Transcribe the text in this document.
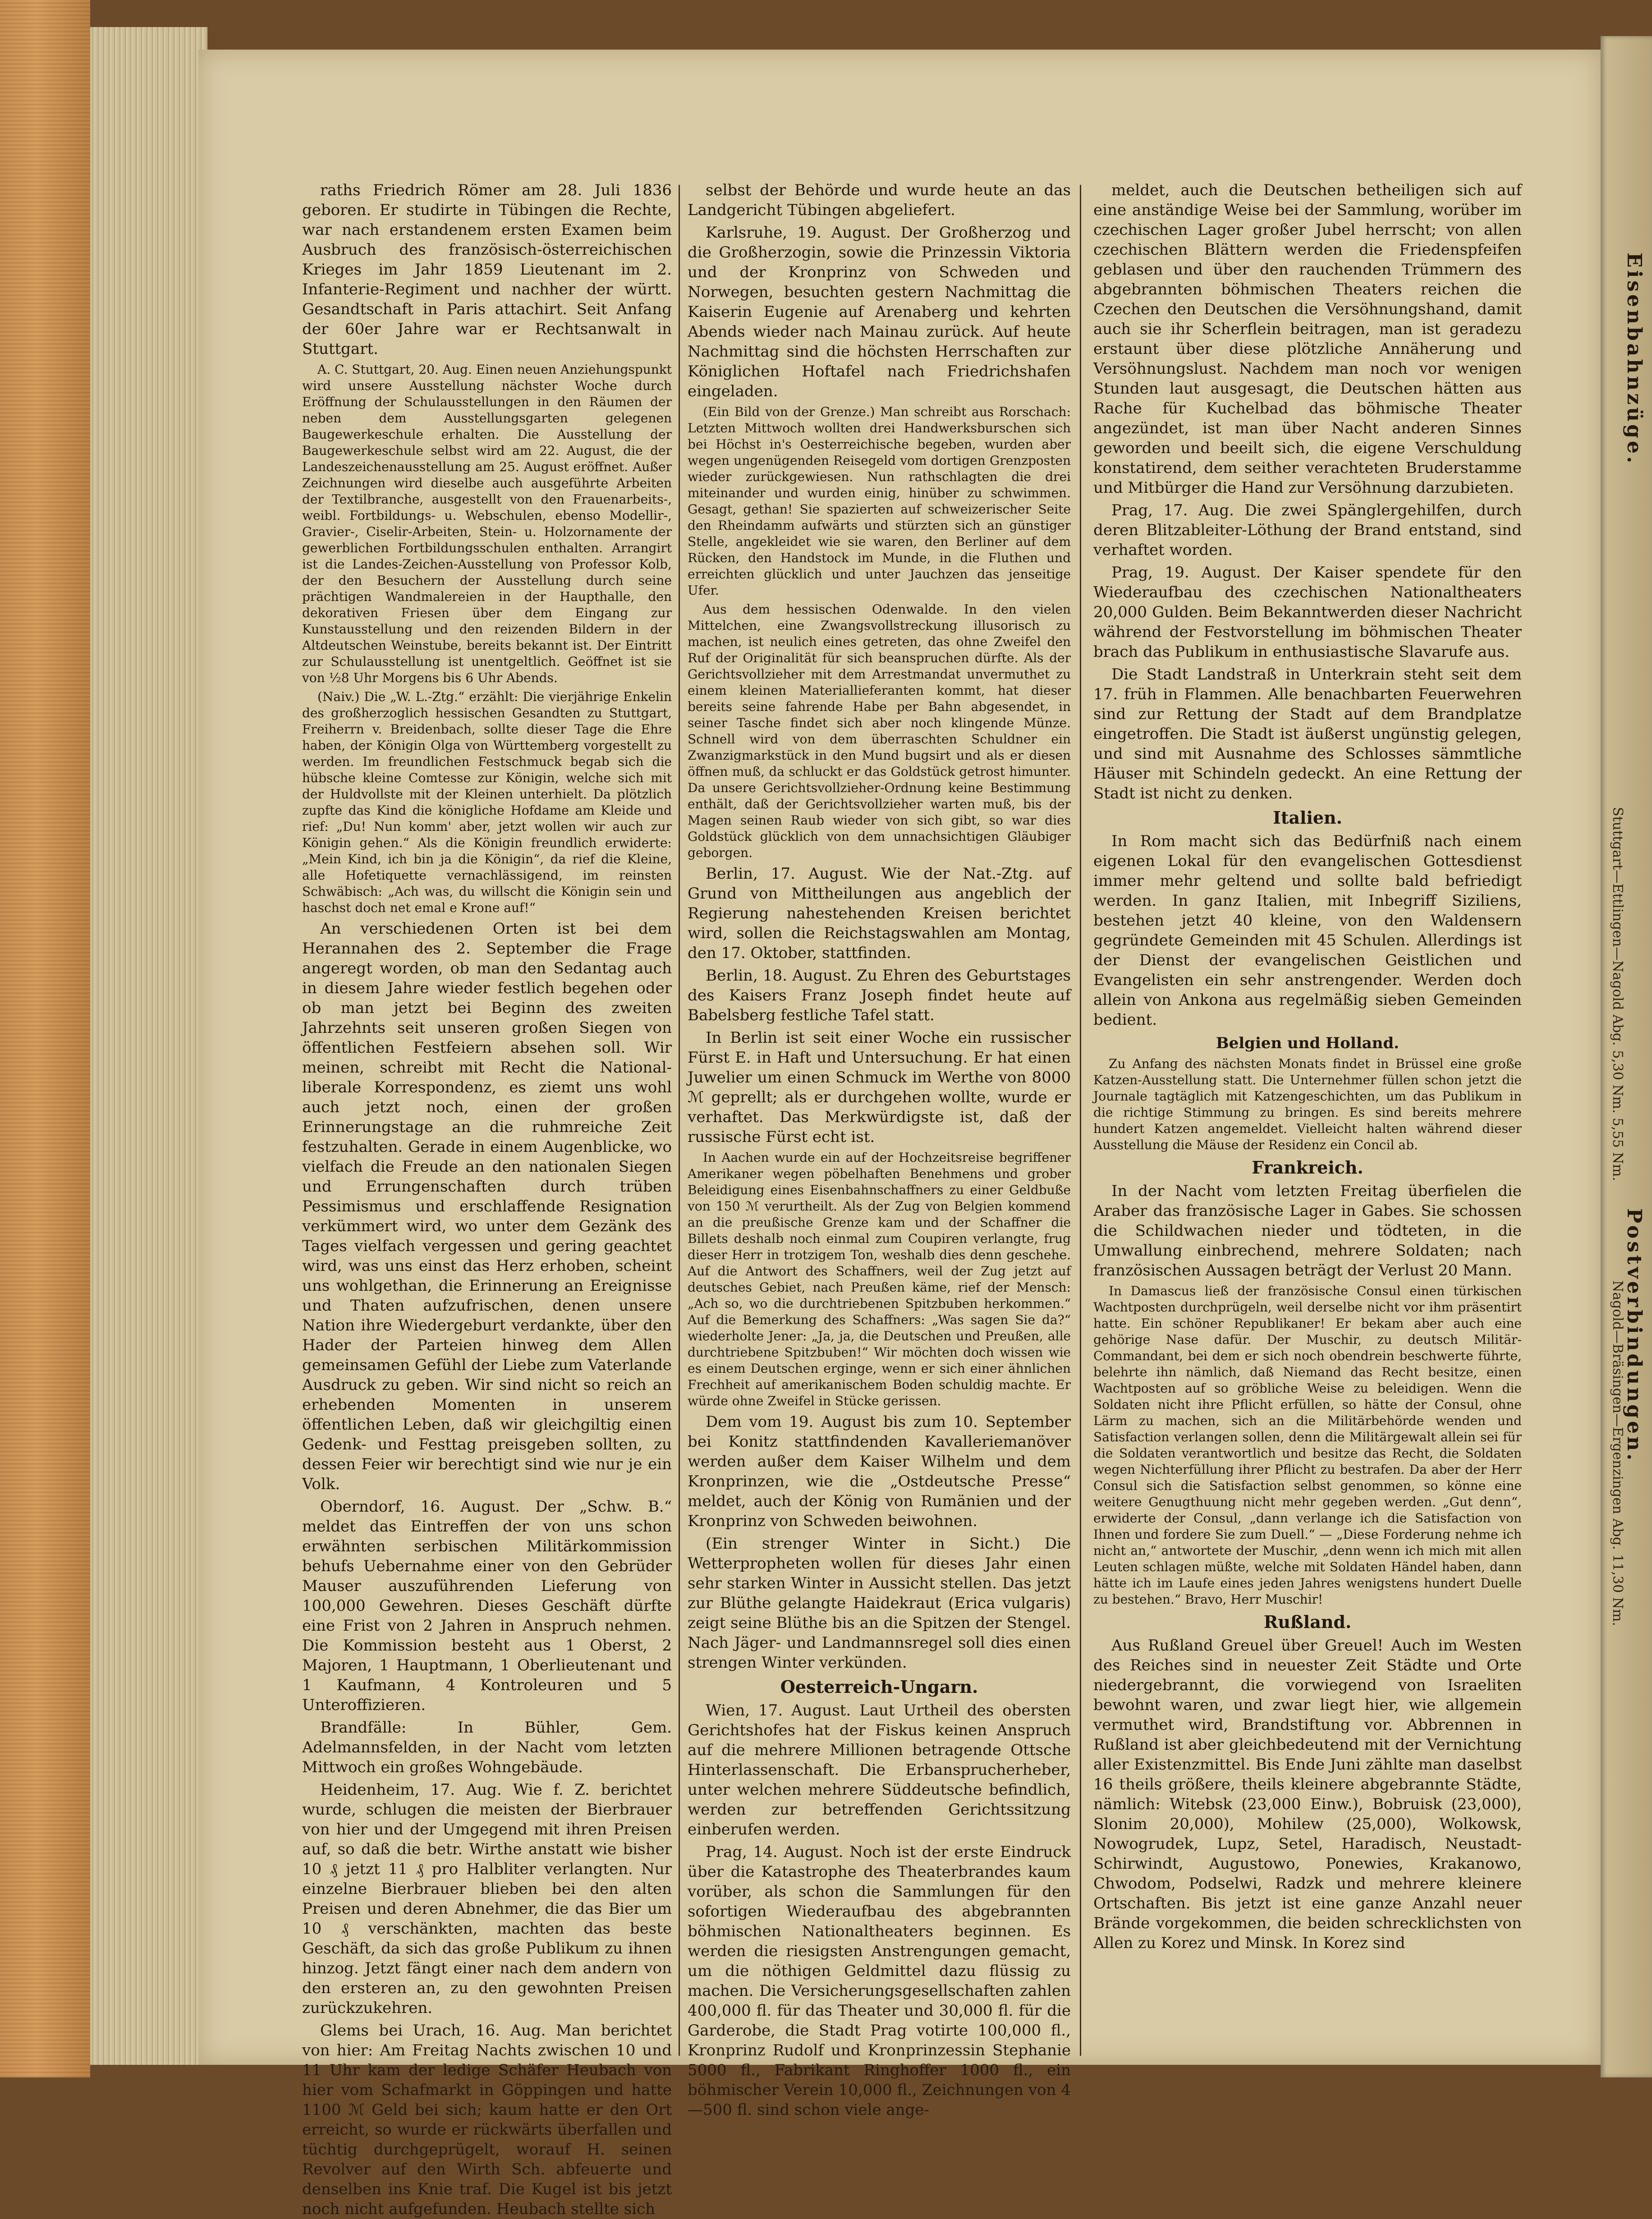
raths Friedrich Römer am 28. Juli 1836 geboren. Er studirte in Tübingen die Rechte, war nach erstandenem ersten Examen beim Ausbruch des französisch-österreichischen Krieges im Jahr 1859 Lieutenant im 2. Infanterie-Regiment und nachher der württ. Gesandtschaft in Paris attachirt. Seit Anfang der 60er Jahre war er Rechtsanwalt in Stuttgart.

A. C. Stuttgart, 20. Aug. Einen neuen Anziehungspunkt wird unsere Ausstellung nächster Woche durch Eröffnung der Schulausstellungen in den Räumen der neben dem Ausstellungsgarten gelegenen Baugewerkeschule erhalten. Die Ausstellung der Baugewerkeschule selbst wird am 22. August, die der Landeszeichenausstellung am 25. August eröffnet. Außer Zeichnungen wird dieselbe auch ausgeführte Arbeiten der Textilbranche, ausgestellt von den Frauenarbeits-, weibl. Fortbildungs- u. Webschulen, ebenso Modellir-, Gravier-, Ciselir-Arbeiten, Stein- u. Holzornamente der gewerblichen Fortbildungsschulen enthalten. Arrangirt ist die Landes-Zeichen-Ausstellung von Professor Kolb, der den Besuchern der Ausstellung durch seine prächtigen Wandmalereien in der Haupthalle, den dekorativen Friesen über dem Eingang zur Kunstausstellung und den reizenden Bildern in der Altdeutschen Weinstube, bereits bekannt ist. Der Eintritt zur Schulausstellung ist unentgeltlich. Geöffnet ist sie von ½8 Uhr Morgens bis 6 Uhr Abends.

(Naiv.) Die „W. L.-Ztg.“ erzählt: Die vierjährige Enkelin des großherzoglich hessischen Gesandten zu Stuttgart, Freiherrn v. Breidenbach, sollte dieser Tage die Ehre haben, der Königin Olga von Württemberg vorgestellt zu werden. Im freundlichen Festschmuck begab sich die hübsche kleine Comtesse zur Königin, welche sich mit der Huldvollste mit der Kleinen unterhielt. Da plötzlich zupfte das Kind die königliche Hofdame am Kleide und rief: „Du! Nun komm' aber, jetzt wollen wir auch zur Königin gehen.“ Als die Königin freundlich erwiderte: „Mein Kind, ich bin ja die Königin“, da rief die Kleine, alle Hofetiquette vernachlässigend, im reinsten Schwäbisch: „Ach was, du willscht die Königin sein und haschst doch net emal e Krone auf!“

An verschiedenen Orten ist bei dem Herannahen des 2. September die Frage angeregt worden, ob man den Sedantag auch in diesem Jahre wieder festlich begehen oder ob man jetzt bei Beginn des zweiten Jahrzehnts seit unseren großen Siegen von öffentlichen Festfeiern absehen soll. Wir meinen, schreibt mit Recht die National-liberale Korrespondenz, es ziemt uns wohl auch jetzt noch, einen der großen Erinnerungstage an die ruhmreiche Zeit festzuhalten. Gerade in einem Augenblicke, wo vielfach die Freude an den nationalen Siegen und Errungenschaften durch trüben Pessimismus und erschlaffende Resignation verkümmert wird, wo unter dem Gezänk des Tages vielfach vergessen und gering geachtet wird, was uns einst das Herz erhoben, scheint uns wohlgethan, die Erinnerung an Ereignisse und Thaten aufzufrischen, denen unsere Nation ihre Wiedergeburt verdankte, über den Hader der Parteien hinweg dem Allen gemeinsamen Gefühl der Liebe zum Vaterlande Ausdruck zu geben. Wir sind nicht so reich an erhebenden Momenten in unserem öffentlichen Leben, daß wir gleichgiltig einen Gedenk- und Festtag preisgeben sollten, zu dessen Feier wir berechtigt sind wie nur je ein Volk.

Oberndorf, 16. August. Der „Schw. B.“ meldet das Eintreffen der von uns schon erwähnten serbischen Militärkommission behufs Uebernahme einer von den Gebrüder Mauser auszuführenden Lieferung von 100,000 Gewehren. Dieses Geschäft dürfte eine Frist von 2 Jahren in Anspruch nehmen. Die Kommission besteht aus 1 Oberst, 2 Majoren, 1 Hauptmann, 1 Oberlieutenant und 1 Kaufmann, 4 Kontroleuren und 5 Unteroffizieren.

Brandfälle: In Bühler, Gem. Adelmannsfelden, in der Nacht vom letzten Mittwoch ein großes Wohngebäude.

Heidenheim, 17. Aug. Wie f. Z. berichtet wurde, schlugen die meisten der Bierbrauer von hier und der Umgegend mit ihren Preisen auf, so daß die betr. Wirthe anstatt wie bisher 10 ₰ jetzt 11 ₰ pro Halbliter verlangten. Nur einzelne Bierbrauer blieben bei den alten Preisen und deren Abnehmer, die das Bier um 10 ₰ verschänkten, machten das beste Geschäft, da sich das große Publikum zu ihnen hinzog. Jetzt fängt einer nach dem andern von den ersteren an, zu den gewohnten Preisen zurückzukehren.

Glems bei Urach, 16. Aug. Man berichtet von hier: Am Freitag Nachts zwischen 10 und 11 Uhr kam der ledige Schäfer Heubach von hier vom Schafmarkt in Göppingen und hatte 1100 ℳ Geld bei sich; kaum hatte er den Ort erreicht, so wurde er rückwärts überfallen und tüchtig durchgeprügelt, worauf H. seinen Revolver auf den Wirth Sch. abfeuerte und denselben ins Knie traf. Die Kugel ist bis jetzt noch nicht aufgefunden. Heubach stellte sich

selbst der Behörde und wurde heute an das Landgericht Tübingen abgeliefert.

Karlsruhe, 19. August. Der Großherzog und die Großherzogin, sowie die Prinzessin Viktoria und der Kronprinz von Schweden und Norwegen, besuchten gestern Nachmittag die Kaiserin Eugenie auf Arenaberg und kehrten Abends wieder nach Mainau zurück. Auf heute Nachmittag sind die höchsten Herrschaften zur Königlichen Hoftafel nach Friedrichshafen eingeladen.

(Ein Bild von der Grenze.) Man schreibt aus Rorschach: Letzten Mittwoch wollten drei Handwerksburschen sich bei Höchst in's Oesterreichische begeben, wurden aber wegen ungenügenden Reisegeld vom dortigen Grenzposten wieder zurückgewiesen. Nun rathschlagten die drei miteinander und wurden einig, hinüber zu schwimmen. Gesagt, gethan! Sie spazierten auf schweizerischer Seite den Rheindamm aufwärts und stürzten sich an günstiger Stelle, angekleidet wie sie waren, den Berliner auf dem Rücken, den Handstock im Munde, in die Fluthen und erreichten glücklich und unter Jauchzen das jenseitige Ufer.

Aus dem hessischen Odenwalde. In den vielen Mittelchen, eine Zwangsvollstreckung illusorisch zu machen, ist neulich eines getreten, das ohne Zweifel den Ruf der Originalität für sich beanspruchen dürfte. Als der Gerichtsvollzieher mit dem Arrestmandat unvermuthet zu einem kleinen Materiallieferanten kommt, hat dieser bereits seine fahrende Habe per Bahn abgesendet, in seiner Tasche findet sich aber noch klingende Münze. Schnell wird von dem überraschten Schuldner ein Zwanzigmarkstück in den Mund bugsirt und als er diesen öffnen muß, da schluckt er das Goldstück getrost himunter. Da unsere Gerichtsvollzieher-Ordnung keine Bestimmung enthält, daß der Gerichtsvollzieher warten muß, bis der Magen seinen Raub wieder von sich gibt, so war dies Goldstück glücklich von dem unnachsichtigen Gläubiger geborgen.

Berlin, 17. August. Wie der Nat.-Ztg. auf Grund von Mittheilungen aus angeblich der Regierung nahestehenden Kreisen berichtet wird, sollen die Reichstagswahlen am Montag, den 17. Oktober, stattfinden.

Berlin, 18. August. Zu Ehren des Geburtstages des Kaisers Franz Joseph findet heute auf Babelsberg festliche Tafel statt.

In Berlin ist seit einer Woche ein russischer Fürst E. in Haft und Untersuchung. Er hat einen Juwelier um einen Schmuck im Werthe von 8000 ℳ geprellt; als er durchgehen wollte, wurde er verhaftet. Das Merkwürdigste ist, daß der russische Fürst echt ist.

In Aachen wurde ein auf der Hochzeitsreise begriffener Amerikaner wegen pöbelhaften Benehmens und grober Beleidigung eines Eisenbahnschaffners zu einer Geldbuße von 150 ℳ verurtheilt. Als der Zug von Belgien kommend an die preußische Grenze kam und der Schaffner die Billets deshalb noch einmal zum Coupiren verlangte, frug dieser Herr in trotzigem Ton, weshalb dies denn geschehe. Auf die Antwort des Schaffners, weil der Zug jetzt auf deutsches Gebiet, nach Preußen käme, rief der Mensch: „Ach so, wo die durchtriebenen Spitzbuben herkommen.“ Auf die Bemerkung des Schaffners: „Was sagen Sie da?“ wiederholte Jener: „Ja, ja, die Deutschen und Preußen, alle durchtriebene Spitzbuben!“ Wir möchten doch wissen wie es einem Deutschen erginge, wenn er sich einer ähnlichen Frechheit auf amerikanischem Boden schuldig machte. Er würde ohne Zweifel in Stücke gerissen.

Dem vom 19. August bis zum 10. September bei Konitz stattfindenden Kavalleriemanöver werden außer dem Kaiser Wilhelm und dem Kronprinzen, wie die „Ostdeutsche Presse“ meldet, auch der König von Rumänien und der Kronprinz von Schweden beiwohnen.

(Ein strenger Winter in Sicht.) Die Wetterpropheten wollen für dieses Jahr einen sehr starken Winter in Aussicht stellen. Das jetzt zur Blüthe gelangte Haidekraut (Erica vulgaris) zeigt seine Blüthe bis an die Spitzen der Stengel. Nach Jäger- und Landmannsregel soll dies einen strengen Winter verkünden.

Oesterreich-Ungarn.

Wien, 17. August. Laut Urtheil des obersten Gerichtshofes hat der Fiskus keinen Anspruch auf die mehrere Millionen betragende Ottsche Hinterlassenschaft. Die Erbansprucherheber, unter welchen mehrere Süddeutsche befindlich, werden zur betreffenden Gerichtssitzung einberufen werden.

Prag, 14. August. Noch ist der erste Eindruck über die Katastrophe des Theaterbrandes kaum vorüber, als schon die Sammlungen für den sofortigen Wiederaufbau des abgebrannten böhmischen Nationaltheaters beginnen. Es werden die riesigsten Anstrengungen gemacht, um die nöthigen Geldmittel dazu flüssig zu machen. Die Versicherungsgesellschaften zahlen 400,000 fl. für das Theater und 30,000 fl. für die Garderobe, die Stadt Prag votirte 100,000 fl., Kronprinz Rudolf und Kronprinzessin Stephanie 5000 fl., Fabrikant Ringhoffer 1000 fl., ein böhmischer Verein 10,000 fl., Zeichnungen von 4—500 fl. sind schon viele ange-

meldet, auch die Deutschen betheiligen sich auf eine anständige Weise bei der Sammlung, worüber im czechischen Lager großer Jubel herrscht; von allen czechischen Blättern werden die Friedenspfeifen geblasen und über den rauchenden Trümmern des abgebrannten böhmischen Theaters reichen die Czechen den Deutschen die Versöhnungshand, damit auch sie ihr Scherflein beitragen, man ist geradezu erstaunt über diese plötzliche Annäherung und Versöhnungslust. Nachdem man noch vor wenigen Stunden laut ausgesagt, die Deutschen hätten aus Rache für Kuchelbad das böhmische Theater angezündet, ist man über Nacht anderen Sinnes geworden und beeilt sich, die eigene Verschuldung konstatirend, dem seither verachteten Bruderstamme und Mitbürger die Hand zur Versöhnung darzubieten.

Prag, 17. Aug. Die zwei Spänglergehilfen, durch deren Blitzableiter-Löthung der Brand entstand, sind verhaftet worden.

Prag, 19. August. Der Kaiser spendete für den Wiederaufbau des czechischen Nationaltheaters 20,000 Gulden. Beim Bekanntwerden dieser Nachricht während der Festvorstellung im böhmischen Theater brach das Publikum in enthusiastische Slavarufe aus.

Die Stadt Landstraß in Unterkrain steht seit dem 17. früh in Flammen. Alle benachbarten Feuerwehren sind zur Rettung der Stadt auf dem Brandplatze eingetroffen. Die Stadt ist äußerst ungünstig gelegen, und sind mit Ausnahme des Schlosses sämmtliche Häuser mit Schindeln gedeckt. An eine Rettung der Stadt ist nicht zu denken.

Italien.

In Rom macht sich das Bedürfniß nach einem eigenen Lokal für den evangelischen Gottesdienst immer mehr geltend und sollte bald befriedigt werden. In ganz Italien, mit Inbegriff Siziliens, bestehen jetzt 40 kleine, von den Waldensern gegründete Gemeinden mit 45 Schulen. Allerdings ist der Dienst der evangelischen Geistlichen und Evangelisten ein sehr anstrengender. Werden doch allein von Ankona aus regelmäßig sieben Gemeinden bedient.

Belgien und Holland.

Zu Anfang des nächsten Monats findet in Brüssel eine große Katzen-Ausstellung statt. Die Unternehmer füllen schon jetzt die Journale tagtäglich mit Katzengeschichten, um das Publikum in die richtige Stimmung zu bringen. Es sind bereits mehrere hundert Katzen angemeldet. Vielleicht halten während dieser Ausstellung die Mäuse der Residenz ein Concil ab.

Frankreich.

In der Nacht vom letzten Freitag überfielen die Araber das französische Lager in Gabes. Sie schossen die Schildwachen nieder und tödteten, in die Umwallung einbrechend, mehrere Soldaten; nach französischen Aussagen beträgt der Verlust 20 Mann.

In Damascus ließ der französische Consul einen türkischen Wachtposten durchprügeln, weil derselbe nicht vor ihm präsentirt hatte. Ein schöner Republikaner! Er bekam aber auch eine gehörige Nase dafür. Der Muschir, zu deutsch Militär-Commandant, bei dem er sich noch obendrein beschwerte führte, belehrte ihn nämlich, daß Niemand das Recht besitze, einen Wachtposten auf so gröbliche Weise zu beleidigen. Wenn die Soldaten nicht ihre Pflicht erfüllen, so hätte der Consul, ohne Lärm zu machen, sich an die Militärbehörde wenden und Satisfaction verlangen sollen, denn die Militärgewalt allein sei für die Soldaten verantwortlich und besitze das Recht, die Soldaten wegen Nichterfüllung ihrer Pflicht zu bestrafen. Da aber der Herr Consul sich die Satisfaction selbst genommen, so könne eine weitere Genugthuung nicht mehr gegeben werden. „Gut denn“, erwiderte der Consul, „dann verlange ich die Satisfaction von Ihnen und fordere Sie zum Duell.“ — „Diese Forderung nehme ich nicht an,“ antwortete der Muschir, „denn wenn ich mich mit allen Leuten schlagen müßte, welche mit Soldaten Händel haben, dann hätte ich im Laufe eines jeden Jahres wenigstens hundert Duelle zu bestehen.“ Bravo, Herr Muschir!

Rußland.

Aus Rußland Greuel über Greuel! Auch im Westen des Reiches sind in neuester Zeit Städte und Orte niedergebrannt, die vorwiegend von Israeliten bewohnt waren, und zwar liegt hier, wie allgemein vermuthet wird, Brandstiftung vor. Abbrennen in Rußland ist aber gleichbedeutend mit der Vernichtung aller Existenzmittel. Bis Ende Juni zählte man daselbst 16 theils größere, theils kleinere abgebrannte Städte, nämlich: Witebsk (23,000 Einw.), Bobruisk (23,000), Slonim 20,000), Mohilew (25,000), Wolkowsk, Nowogrudek, Lupz, Setel, Haradisch, Neustadt-Schirwindt, Augustowo, Ponewies, Krakanowo, Chwodom, Podselwi, Radzk und mehrere kleinere Ortschaften. Bis jetzt ist eine ganze Anzahl neuer Brände vorgekommen, die beiden schrecklichsten von Allen zu Korez und Minsk. In Korez sind

Eisenbahnzüge.
Postverbindungen.
Stuttgart—Ettlingen—Nagold Abg. 5,30 Nm. 5,55 Nm.
Nagold—Bräsingen—Ergenzingen Abg. 11,30 Nm.
